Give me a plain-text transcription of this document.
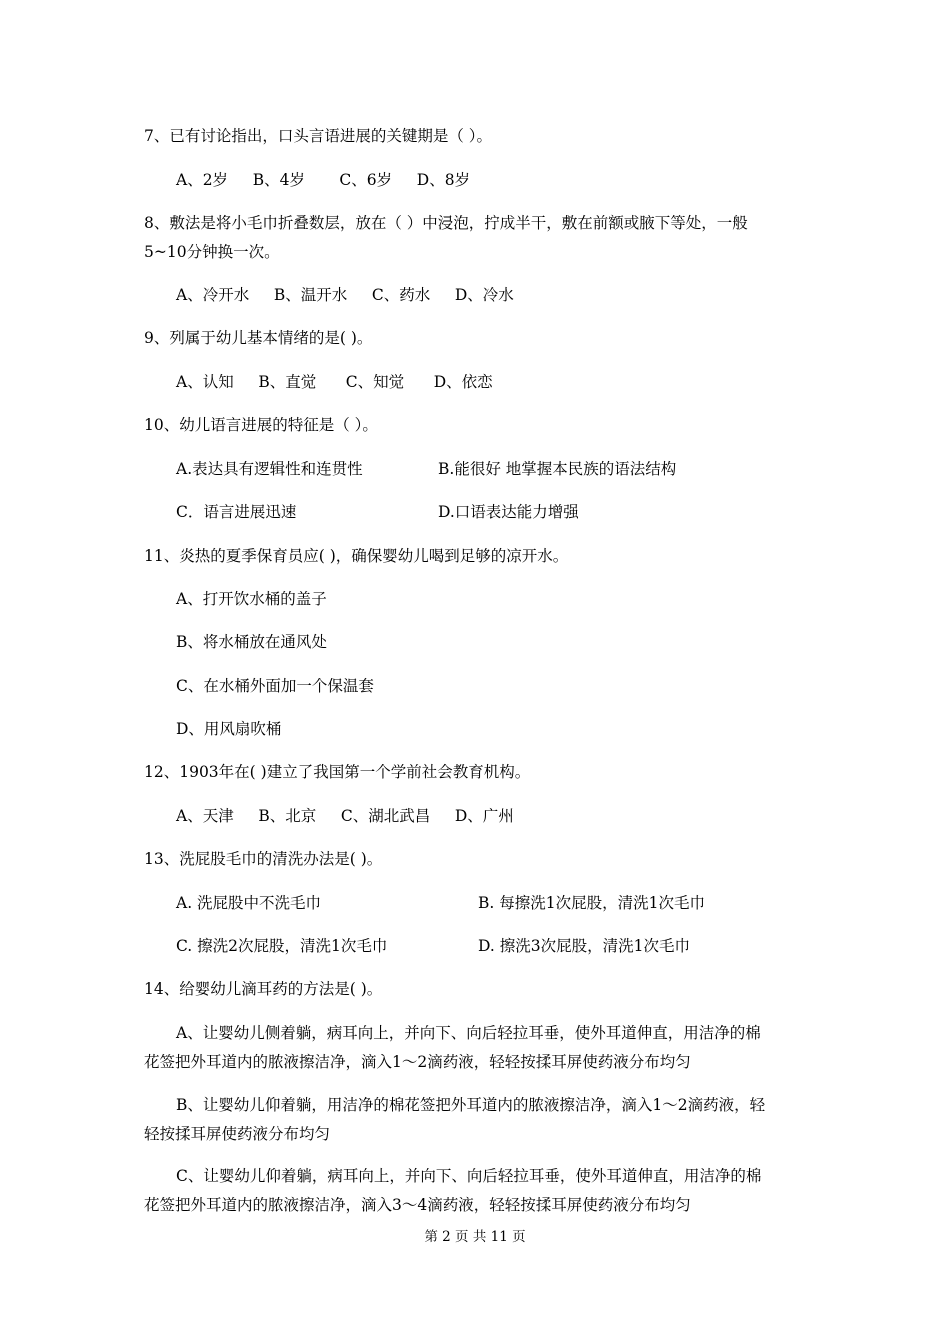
7、已有讨论指出，口头言语进展的关键期是（ ）。
A、2岁     B、4岁       C、6岁     D、8岁
8、敷法是将小毛巾折叠数层，放在（ ）中浸泡，拧成半干，敷在前额或腋下等处，一般
5~10分钟换一次。
A、冷开水     B、温开水     C、药水     D、冷水
9、列属于幼儿基本情绪的是( )。
A、认知     B、直觉      C、知觉      D、依恋
10、幼儿语言进展的特征是（ ）。
A.表达具有逻辑性和连贯性	B.能很好 地掌握本民族的语法结构
C．语言进展迅速	D.口语表达能力增强
11、炎热的夏季保育员应( )，确保婴幼儿喝到足够的凉开水。
A、打开饮水桶的盖子
B、将水桶放在通风处
C、在水桶外面加一个保温套
D、用风扇吹桶
12、1903年在( )建立了我国第一个学前社会教育机构。
A、天津     B、北京     C、湖北武昌     D、广州
13、洗屁股毛巾的清洗办法是( )。
A. 洗屁股中不洗毛巾	B. 每擦洗1次屁股，清洗1次毛巾
C. 擦洗2次屁股，清洗1次毛巾	D. 擦洗3次屁股，清洗1次毛巾
14、给婴幼儿滴耳药的方法是( )。
A、让婴幼儿侧着躺，病耳向上，并向下、向后轻拉耳垂，使外耳道伸直，用洁净的棉
花签把外耳道内的脓液擦洁净，滴入1～2滴药液，轻轻按揉耳屏使药液分布均匀
B、让婴幼儿仰着躺，用洁净的棉花签把外耳道内的脓液擦洁净，滴入1～2滴药液，轻
轻按揉耳屏使药液分布均匀
C、让婴幼儿仰着躺，病耳向上，并向下、向后轻拉耳垂，使外耳道伸直，用洁净的棉
花签把外耳道内的脓液擦洁净，滴入3～4滴药液，轻轻按揉耳屏使药液分布均匀
第 2 页 共 11 页
